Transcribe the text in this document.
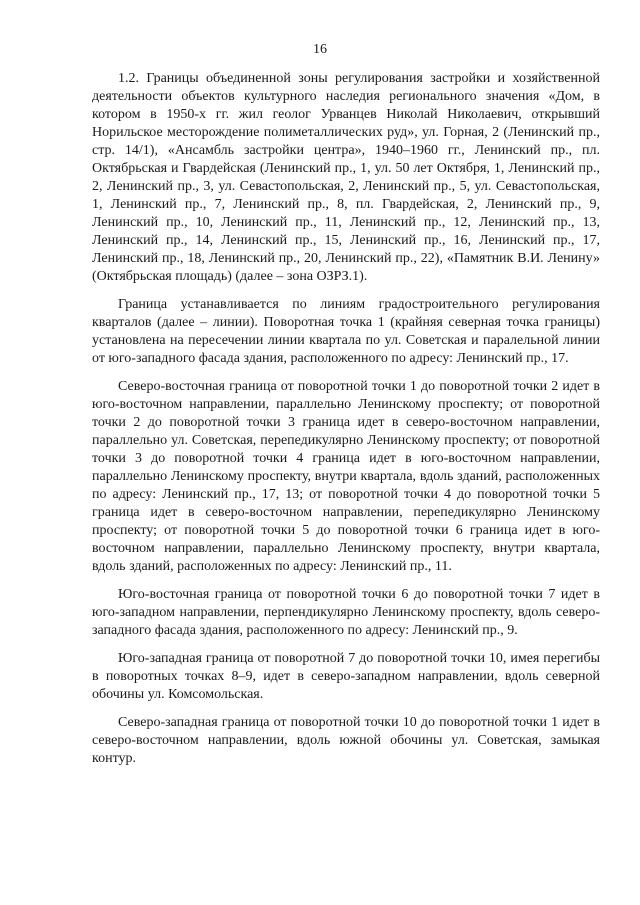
16

1.2. Границы объединенной зоны регулирования застройки и хозяйственной деятельности объектов культурного наследия регионального значения «Дом, в котором в 1950-х гг. жил геолог Урванцев Николай Николаевич, открывший Норильское месторождение полиметаллических руд», ул. Горная, 2 (Ленинский пр., стр. 14/1), «Ансамбль застройки центра», 1940–1960 гг., Ленинский пр., пл. Октябрьская и Гвардейская (Ленинский пр., 1, ул. 50 лет Октября, 1, Ленинский пр., 2, Ленинский пр., 3, ул. Севастопольская, 2, Ленинский пр., 5, ул. Севастопольская, 1, Ленинский пр., 7, Ленинский пр., 8, пл. Гвардейская, 2, Ленинский пр., 9, Ленинский пр., 10, Ленинский пр., 11, Ленинский пр., 12, Ленинский пр., 13, Ленинский пр., 14, Ленинский пр., 15, Ленинский пр., 16, Ленинский пр., 17, Ленинский пр., 18, Ленинский пр., 20, Ленинский пр., 22), «Памятник В.И. Ленину» (Октябрьская площадь) (далее – зона ОЗРЗ.1).

Граница устанавливается по линиям градостроительного регулирования кварталов (далее – линии). Поворотная точка 1 (крайняя северная точка границы) установлена на пересечении линии квартала по ул. Советская и паралельной линии от юго-западного фасада здания, расположенного по адресу: Ленинский пр., 17.

Северо-восточная граница от поворотной точки 1 до поворотной точки 2 идет в юго-восточном направлении, параллельно Ленинскому проспекту; от поворотной точки 2 до поворотной точки 3 граница идет в северо-восточном направлении, параллельно ул. Советская, перепедикулярно Ленинскому проспекту; от поворотной точки 3 до поворотной точки 4 граница идет в юго-восточном направлении, параллельно Ленинскому проспекту, внутри квартала, вдоль зданий, расположенных по адресу: Ленинский пр., 17, 13; от поворотной точки 4 до поворотной точки 5 граница идет в северо-восточном направлении, перепедикулярно Ленинскому проспекту; от поворотной точки 5 до поворотной точки 6 граница идет в юго-восточном направлении, параллельно Ленинскому проспекту, внутри квартала, вдоль зданий, расположенных по адресу: Ленинский пр., 11.

Юго-восточная граница от поворотной точки 6 до поворотной точки 7 идет в юго-западном направлении, перпендикулярно Ленинскому проспекту, вдоль северо-западного фасада здания, расположенного по адресу: Ленинский пр., 9.

Юго-западная граница от поворотной 7 до поворотной точки 10, имея перегибы в поворотных точках 8–9, идет в северо-западном направлении, вдоль северной обочины ул. Комсомольская.

Северо-западная граница от поворотной точки 10 до поворотной точки 1 идет в северо-восточном направлении, вдоль южной обочины ул. Советская, замыкая контур.
